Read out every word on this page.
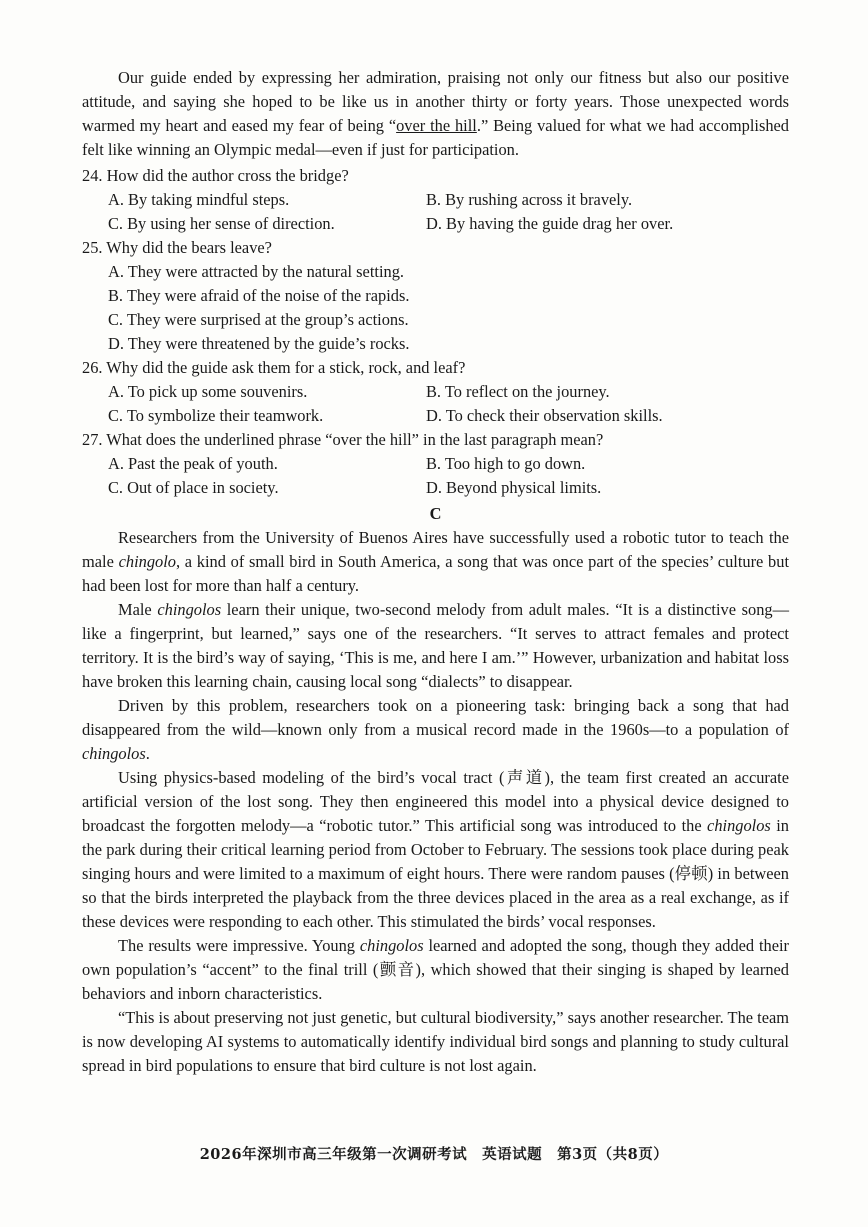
Our guide ended by expressing her admiration, praising not only our fitness but also our positive attitude, and saying she hoped to be like us in another thirty or forty years. Those unexpected words warmed my heart and eased my fear of being “over the hill.” Being valued for what we had accomplished felt like winning an Olympic medal—even if just for participation.

24. How did the author cross the bridge?
A. By taking mindful steps.	B. By rushing across it bravely.
C. By using her sense of direction.	D. By having the guide drag her over.
25. Why did the bears leave?
A. They were attracted by the natural setting.
B. They were afraid of the noise of the rapids.
C. They were surprised at the group’s actions.
D. They were threatened by the guide’s rocks.
26. Why did the guide ask them for a stick, rock, and leaf?
A. To pick up some souvenirs.	B. To reflect on the journey.
C. To symbolize their teamwork.	D. To check their observation skills.
27. What does the underlined phrase “over the hill” in the last paragraph mean?
A. Past the peak of youth.	B. Too high to go down.
C. Out of place in society.	D. Beyond physical limits.
C

Researchers from the University of Buenos Aires have successfully used a robotic tutor to teach the male chingolo, a kind of small bird in South America, a song that was once part of the species’ culture but had been lost for more than half a century.

Male chingolos learn their unique, two-second melody from adult males. “It is a distinctive song—like a fingerprint, but learned,” says one of the researchers. “It serves to attract females and protect territory. It is the bird’s way of saying, ‘This is me, and here I am.’” However, urbanization and habitat loss have broken this learning chain, causing local song “dialects” to disappear.

Driven by this problem, researchers took on a pioneering task: bringing back a song that had disappeared from the wild—known only from a musical record made in the 1960s—to a population of chingolos.

Using physics-based modeling of the bird’s vocal tract (声道), the team first created an accurate artificial version of the lost song. They then engineered this model into a physical device designed to broadcast the forgotten melody—a “robotic tutor.” This artificial song was introduced to the chingolos in the park during their critical learning period from October to February. The sessions took place during peak singing hours and were limited to a maximum of eight hours. There were random pauses (停顿) in between so that the birds interpreted the playback from the three devices placed in the area as a real exchange, as if these devices were responding to each other. This stimulated the birds’ vocal responses.

The results were impressive. Young chingolos learned and adopted the song, though they added their own population’s “accent” to the final trill (颤音), which showed that their singing is shaped by learned behaviors and inborn characteristics.

“This is about preserving not just genetic, but cultural biodiversity,” says another researcher. The team is now developing AI systems to automatically identify individual bird songs and planning to study cultural spread in bird populations to ensure that bird culture is not lost again.

2026年深圳市高三年级第一次调研考试　英语试题　第3页（共8页）
